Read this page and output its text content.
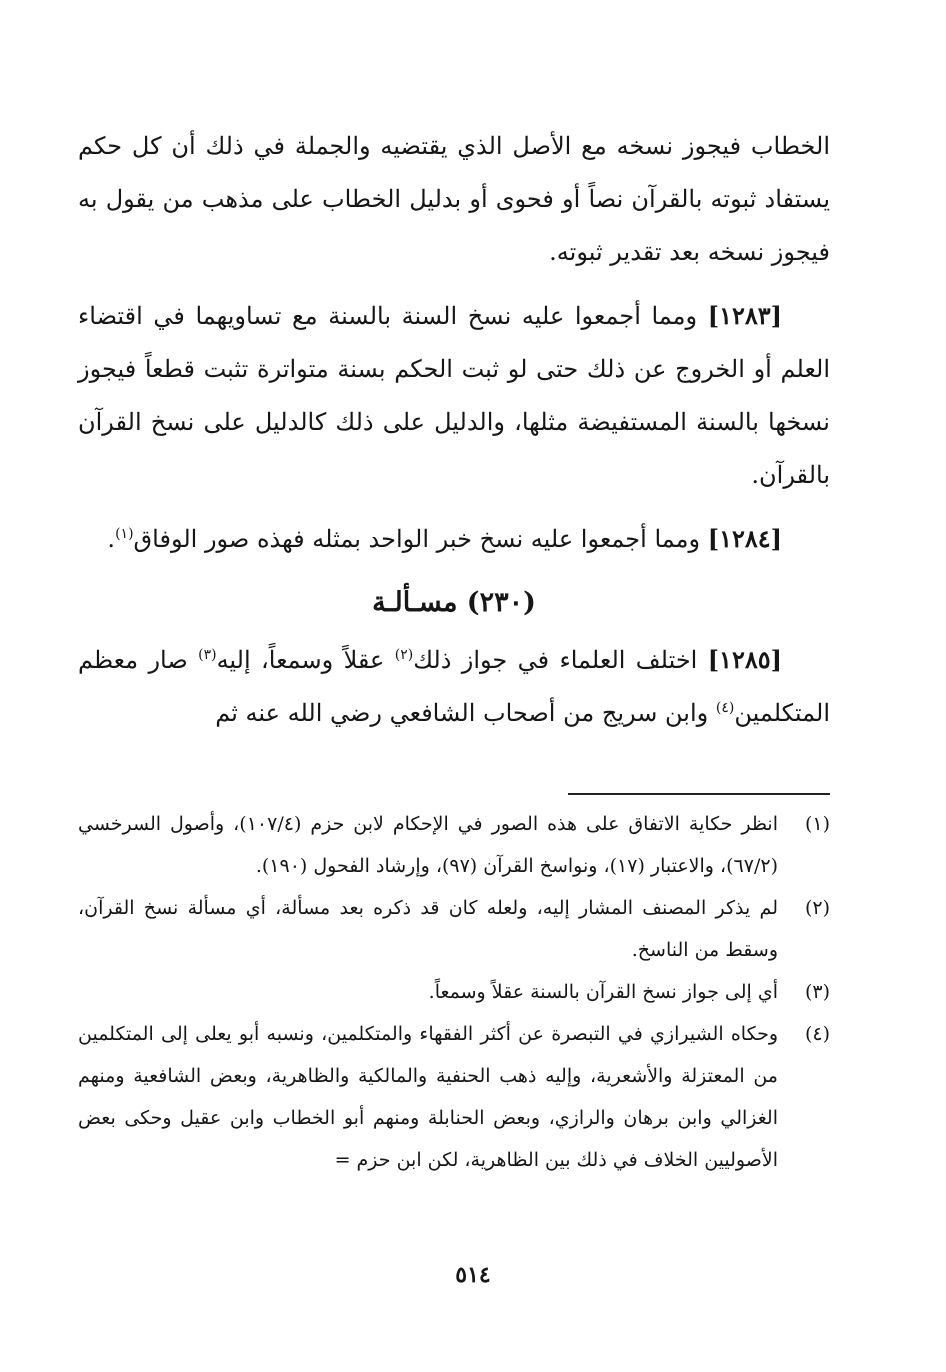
الخطاب فيجوز نسخه مع الأصل الذي يقتضيه والجملة في ذلك أن كل حكم يستفاد ثبوته بالقرآن نصاً أو فحوى أو بدليل الخطاب على مذهب من يقول به فيجوز نسخه بعد تقدير ثبوته.

[١٢٨٣] ومما أجمعوا عليه نسخ السنة بالسنة مع تساويهما في اقتضاء العلم أو الخروج عن ذلك حتى لو ثبت الحكم بسنة متواترة تثبت قطعاً فيجوز نسخها بالسنة المستفيضة مثلها، والدليل على ذلك كالدليل على نسخ القرآن بالقرآن.

[١٢٨٤] ومما أجمعوا عليه نسخ خبر الواحد بمثله فهذه صور الوفاق$^{(١)}$.

(٢٣٠) مسـألـة

[١٢٨٥] اختلف العلماء في جواز ذلك$^{(٢)}$ عقلاً وسمعاً، إليه$^{(٣)}$ صار معظم المتكلمين$^{(٤)}$ وابن سريج من أصحاب الشافعي رضي الله عنه ثم

(١)
انظر حكاية الاتفاق على هذه الصور في الإحكام لابن حزم (١٠٧/٤)، وأصول السرخسي (٦٧/٢)، والاعتبار (١٧)، ونواسخ القرآن (٩٧)، وإرشاد الفحول (١٩٠).
(٢)
لم يذكر المصنف المشار إليه، ولعله كان قد ذكره بعد مسألة، أي مسألة نسخ القرآن، وسقط من الناسخ.
(٣)
أي إلى جواز نسخ القرآن بالسنة عقلاً وسمعاً.
(٤)
وحكاه الشيرازي في التبصرة عن أكثر الفقهاء والمتكلمين، ونسبه أبو يعلى إلى المتكلمين من المعتزلة والأشعرية، وإليه ذهب الحنفية والمالكية والظاهرية، وبعض الشافعية ومنهم الغزالي وابن برهان والرازي، وبعض الحنابلة ومنهم أبو الخطاب وابن عقيل وحكى بعض الأصوليين الخلاف في ذلك بين الظاهرية، لكن ابن حزم =
٥١٤
